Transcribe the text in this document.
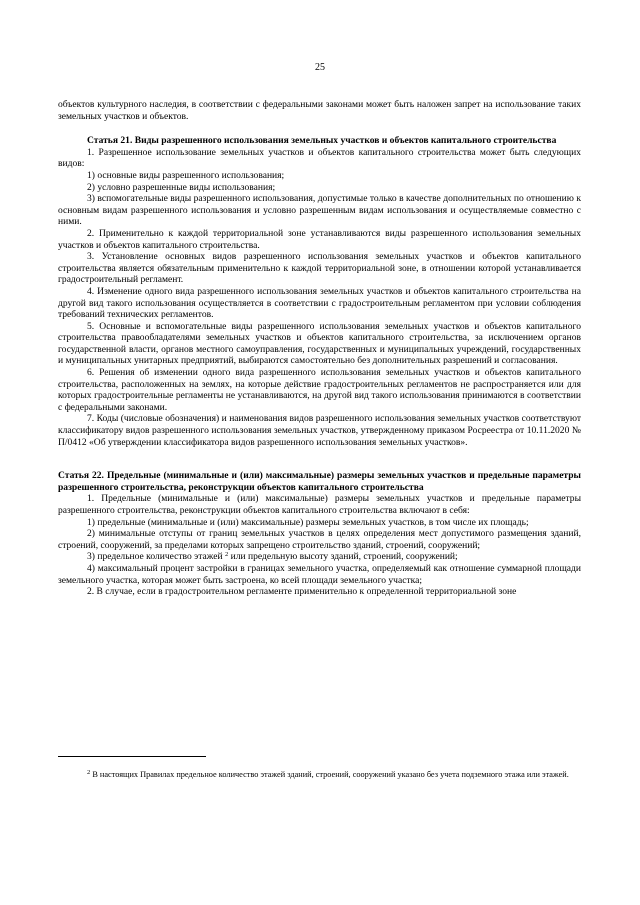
25

объектов культурного наследия, в соответствии с федеральными законами может быть наложен запрет на использование таких земельных участков и объектов.

Статья 21. Виды разрешенного использования земельных участков и объектов капитального строительства

1. Разрешенное использование земельных участков и объектов капитального строительства может быть следующих видов:

1) основные виды разрешенного использования;

2) условно разрешенные виды использования;

3) вспомогательные виды разрешенного использования, допустимые только в качестве дополнительных по отношению к основным видам разрешенного использования и условно разрешенным видам использования и осуществляемые совместно с ними.

2. Применительно к каждой территориальной зоне устанавливаются виды разрешенного использования земельных участков и объектов капитального строительства.

3. Установление основных видов разрешенного использования земельных участков и объектов капитального строительства является обязательным применительно к каждой территориальной зоне, в отношении которой устанавливается градостроительный регламент.

4. Изменение одного вида разрешенного использования земельных участков и объектов капитального строительства на другой вид такого использования осуществляется в соответствии с градостроительным регламентом при условии соблюдения требований технических регламентов.

5. Основные и вспомогательные виды разрешенного использования земельных участков и объектов капитального строительства правообладателями земельных участков и объектов капитального строительства, за исключением органов государственной власти, органов местного самоуправления, государственных и муниципальных учреждений, государственных и муниципальных унитарных предприятий, выбираются самостоятельно без дополнительных разрешений и согласования.

6. Решения об изменении одного вида разрешенного использования земельных участков и объектов капитального строительства, расположенных на землях, на которые действие градостроительных регламентов не распространяется или для которых градостроительные регламенты не устанавливаются, на другой вид такого использования принимаются в соответствии с федеральными законами.

7. Коды (числовые обозначения) и наименования видов разрешенного использования земельных участков соответствуют классификатору видов разрешенного использования земельных участков, утвержденному приказом Росреестра от 10.11.2020 № П/0412 «Об утверждении классификатора видов разрешенного использования земельных участков».

Статья 22. Предельные (минимальные и (или) максимальные) размеры земельных участков и предельные параметры разрешенного строительства, реконструкции объектов капитального строительства

1. Предельные (минимальные и (или) максимальные) размеры земельных участков и предельные параметры разрешенного строительства, реконструкции объектов капитального строительства включают в себя:

1) предельные (минимальные и (или) максимальные) размеры земельных участков, в том числе их площадь;

2) минимальные отступы от границ земельных участков в целях определения мест допустимого размещения зданий, строений, сооружений, за пределами которых запрещено строительство зданий, строений, сооружений;

3) предельное количество этажей $^2$ или предельную высоту зданий, строений, сооружений;

4) максимальный процент застройки в границах земельного участка, определяемый как отношение суммарной площади земельного участка, которая может быть застроена, ко всей площади земельного участка;

2. В случае, если в градостроительном регламенте применительно к определенной территориальной зоне

$^2$ В настоящих Правилах предельное количество этажей зданий, строений, сооружений указано без учета подземного этажа или этажей.
